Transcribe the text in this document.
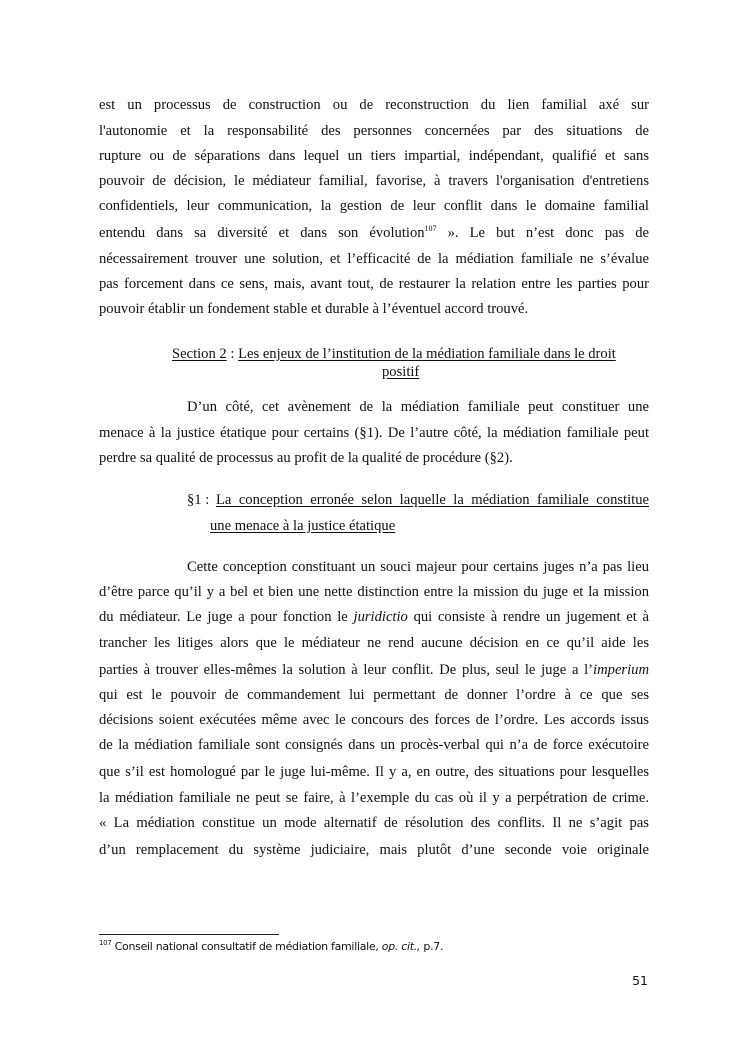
est un processus de construction ou de reconstruction du lien familial axé sur
l'autonomie et la responsabilité des personnes concernées par des situations de
rupture ou de séparations dans lequel un tiers impartial, indépendant, qualifié et sans
pouvoir de décision, le médiateur familial, favorise, à travers l'organisation d'entretiens
confidentiels, leur communication, la gestion de leur conflit dans le domaine familial
entendu dans sa diversité et dans son évolution$^{107}$ ». Le but n’est donc pas de
nécessairement trouver une solution, et l’efficacité de la médiation familiale ne s’évalue
pas forcement dans ce sens, mais, avant tout, de restaurer la relation entre les parties pour
pouvoir établir un fondement stable et durable à l’éventuel accord trouvé.
Section 2 : Les enjeux de l’institution de la médiation familiale dans le droit
positif
D’un côté, cet avènement de la médiation familiale peut constituer une
menace à la justice étatique pour certains (§1). De l’autre côté, la médiation familiale peut
perdre sa qualité de processus au profit de la qualité de procédure (§2).
§1 : La conception erronée selon laquelle la médiation familiale constitue
une menace à la justice étatique
Cette conception constituant un souci majeur pour certains juges n’a pas lieu
d’être parce qu’il y a bel et bien une nette distinction entre la mission du juge et la mission
du médiateur. Le juge a pour fonction le juridictio qui consiste à rendre un jugement et à
trancher les litiges alors que le médiateur ne rend aucune décision en ce qu’il aide les
parties à trouver elles-mêmes la solution à leur conflit. De plus, seul le juge a l’imperium
qui est le pouvoir de commandement lui permettant de donner l’ordre à ce que ses
décisions soient exécutées même avec le concours des forces de l’ordre. Les accords issus
de la médiation familiale sont consignés dans un procès-verbal qui n’a de force exécutoire
que s’il est homologué par le juge lui-même. Il y a, en outre, des situations pour lesquelles
la médiation familiale ne peut se faire, à l’exemple du cas où il y a perpétration de crime.
« La médiation constitue un mode alternatif de résolution des conflits. Il ne s’agit pas
d’un remplacement du système judiciaire, mais plutôt d’une seconde voie originale
$^{107}$ Conseil national consultatif de médiation familiale, op. cit., p.7.
51
